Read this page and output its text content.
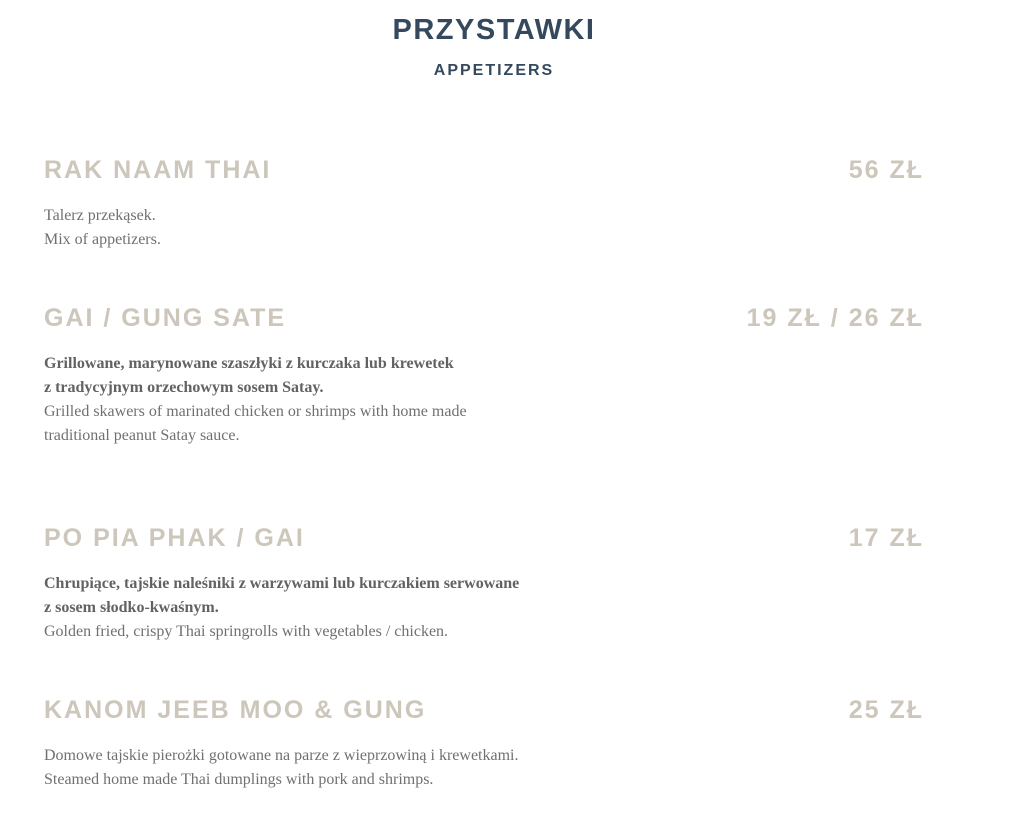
PRZYSTAWKI
APPETIZERS
RAK NAAM THAI	56 ZŁ
Talerz przekąsek.
Mix of appetizers.
GAI / GUNG SATE	19 ZŁ / 26 ZŁ
Grillowane, marynowane szaszłyki z kurczaka lub krewetek
z tradycyjnym orzechowym sosem Satay.
Grilled skawers of marinated chicken or shrimps with home made
traditional peanut Satay sauce.
PO PIA PHAK / GAI	17 ZŁ
Chrupiące, tajskie naleśniki z warzywami lub kurczakiem serwowane
z sosem słodko-kwaśnym.
Golden fried, crispy Thai springrolls with vegetables / chicken.
KANOM JEEB MOO & GUNG	25 ZŁ
Domowe tajskie pierożki gotowane na parze z wieprzowiną i krewetkami.
Steamed home made Thai dumplings with pork and shrimps.
